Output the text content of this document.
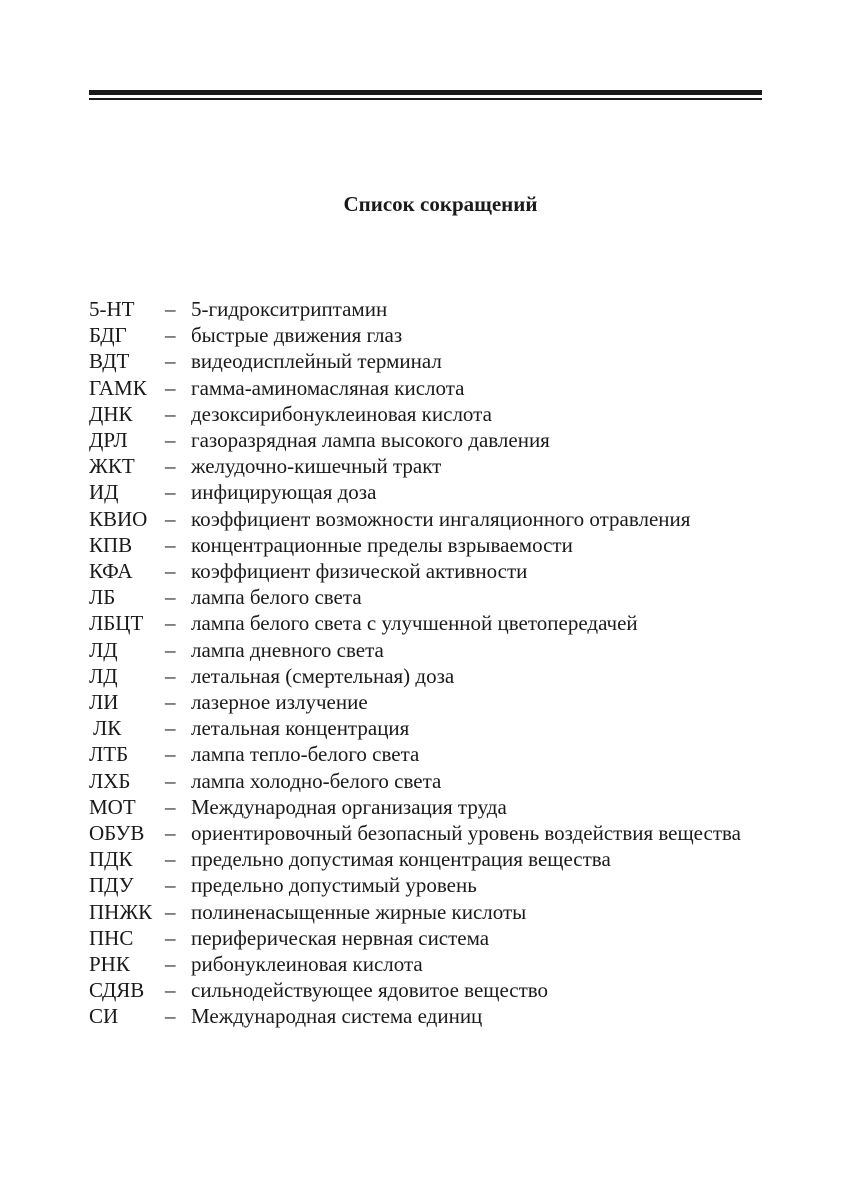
Список сокращений
5-НТ	– 5-гидрокситриптамин
БДГ	– быстрые движения глаз
ВДТ	– видеодисплейный терминал
ГАМК – гамма-аминомасляная кислота
ДНК	– дезоксирибонуклеиновая кислота
ДРЛ	– газоразрядная лампа высокого давления
ЖКТ	– желудочно-кишечный тракт
ИД	– инфицирующая доза
КВИО – коэффициент возможности ингаляционного отравления
КПВ	– концентрационные пределы взрываемости
КФА	– коэффициент физической активности
ЛБ	– лампа белого света
ЛБЦТ	– лампа белого света с улучшенной цветопередачей
ЛД	– лампа дневного света
ЛД	– летальная (смертельная) доза
ЛИ	– лазерное излучение
ЛК	– летальная концентрация
ЛТБ	– лампа тепло-белого света
ЛХБ	– лампа холодно-белого света
МОТ	– Международная организация труда
ОБУВ – ориентировочный безопасный уровень воздействия вещества
ПДК	– предельно допустимая концентрация вещества
ПДУ	– предельно допустимый уровень
ПНЖК – полиненасыщенные жирные кислоты
ПНС	– периферическая нервная система
РНК	– рибонуклеиновая кислота
СДЯВ – сильнодействующее ядовитое вещество
СИ	– Международная система единиц
